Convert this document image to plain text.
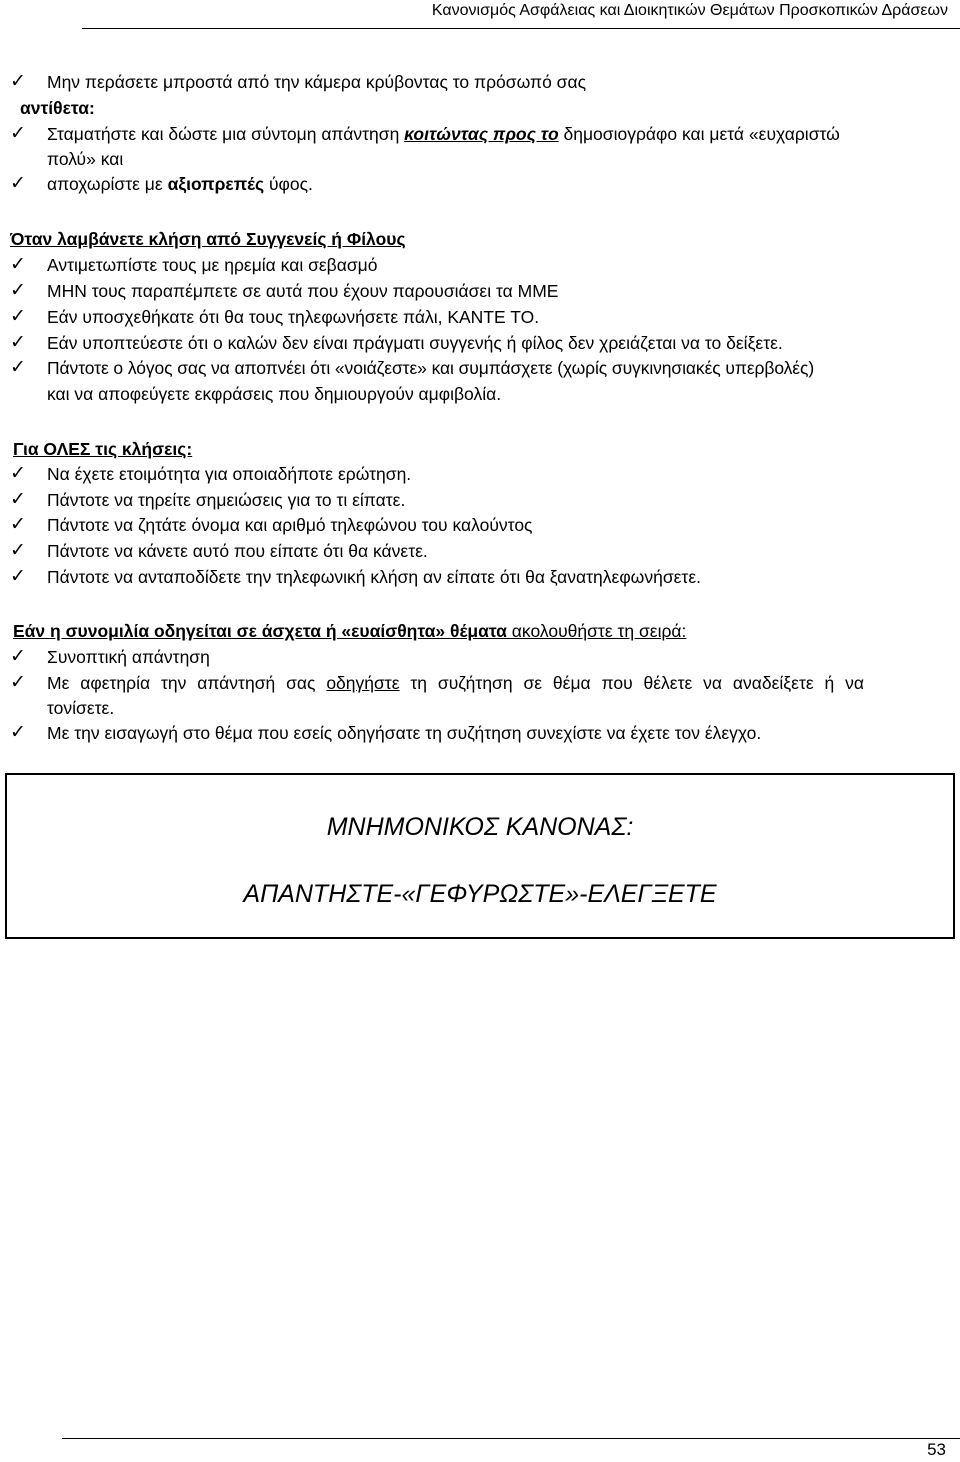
Κανονισμός Ασφάλειας και Διοικητικών Θεμάτων Προσκοπικών Δράσεων
✓ Μην περάσετε μπροστά από την κάμερα κρύβοντας το πρόσωπό σας
αντίθετα:
✓ Σταματήστε και δώστε μια σύντομη απάντηση κοιτώντας προς το δημοσιογράφο και μετά «ευχαριστώ
πολύ» και
✓ αποχωρίστε με αξιοπρεπές ύφος.
Όταν λαμβάνετε κλήση από Συγγενείς ή Φίλους
✓ Αντιμετωπίστε τους με ηρεμία και σεβασμό
✓ ΜΗΝ τους παραπέμπετε σε αυτά που έχουν παρουσιάσει τα ΜΜΕ
✓ Εάν υποσχεθήκατε ότι θα τους τηλεφωνήσετε πάλι, ΚΑΝΤΕ ΤΟ.
✓ Εάν υποπτεύεστε ότι ο καλών δεν είναι πράγματι συγγενής ή φίλος δεν χρειάζεται να το δείξετε.
✓ Πάντοτε ο λόγος σας να αποπνέει ότι «νοιάζεστε» και συμπάσχετε (χωρίς συγκινησιακές υπερβολές)
και να αποφεύγετε εκφράσεις που δημιουργούν αμφιβολία.
Για ΟΛΕΣ τις κλήσεις:
✓ Να έχετε ετοιμότητα για οποιαδήποτε ερώτηση.
✓ Πάντοτε να τηρείτε σημειώσεις για το τι είπατε.
✓ Πάντοτε να ζητάτε όνομα και αριθμό τηλεφώνου του καλούντος
✓ Πάντοτε να κάνετε αυτό που είπατε ότι θα κάνετε.
✓ Πάντοτε να ανταποδίδετε την τηλεφωνική κλήση αν είπατε ότι θα ξανατηλεφωνήσετε.
Εάν η συνομιλία οδηγείται σε άσχετα ή «ευαίσθητα» θέματα ακολουθήστε τη σειρά:
✓ Συνοπτική απάντηση
✓ Με αφετηρία την απάντησή σας οδηγήστε τη συζήτηση σε θέμα που θέλετε να αναδείξετε ή να
τονίσετε.
✓ Με την εισαγωγή στο θέμα που εσείς οδηγήσατε τη συζήτηση συνεχίστε να έχετε τον έλεγχο.
ΜΝΗΜΟΝΙΚΟΣ ΚΑΝΟΝΑΣ:
ΑΠΑΝΤΗΣΤΕ-«ΓΕΦΥΡΩΣΤΕ»-ΕΛΕΓΞΕΤΕ
53
